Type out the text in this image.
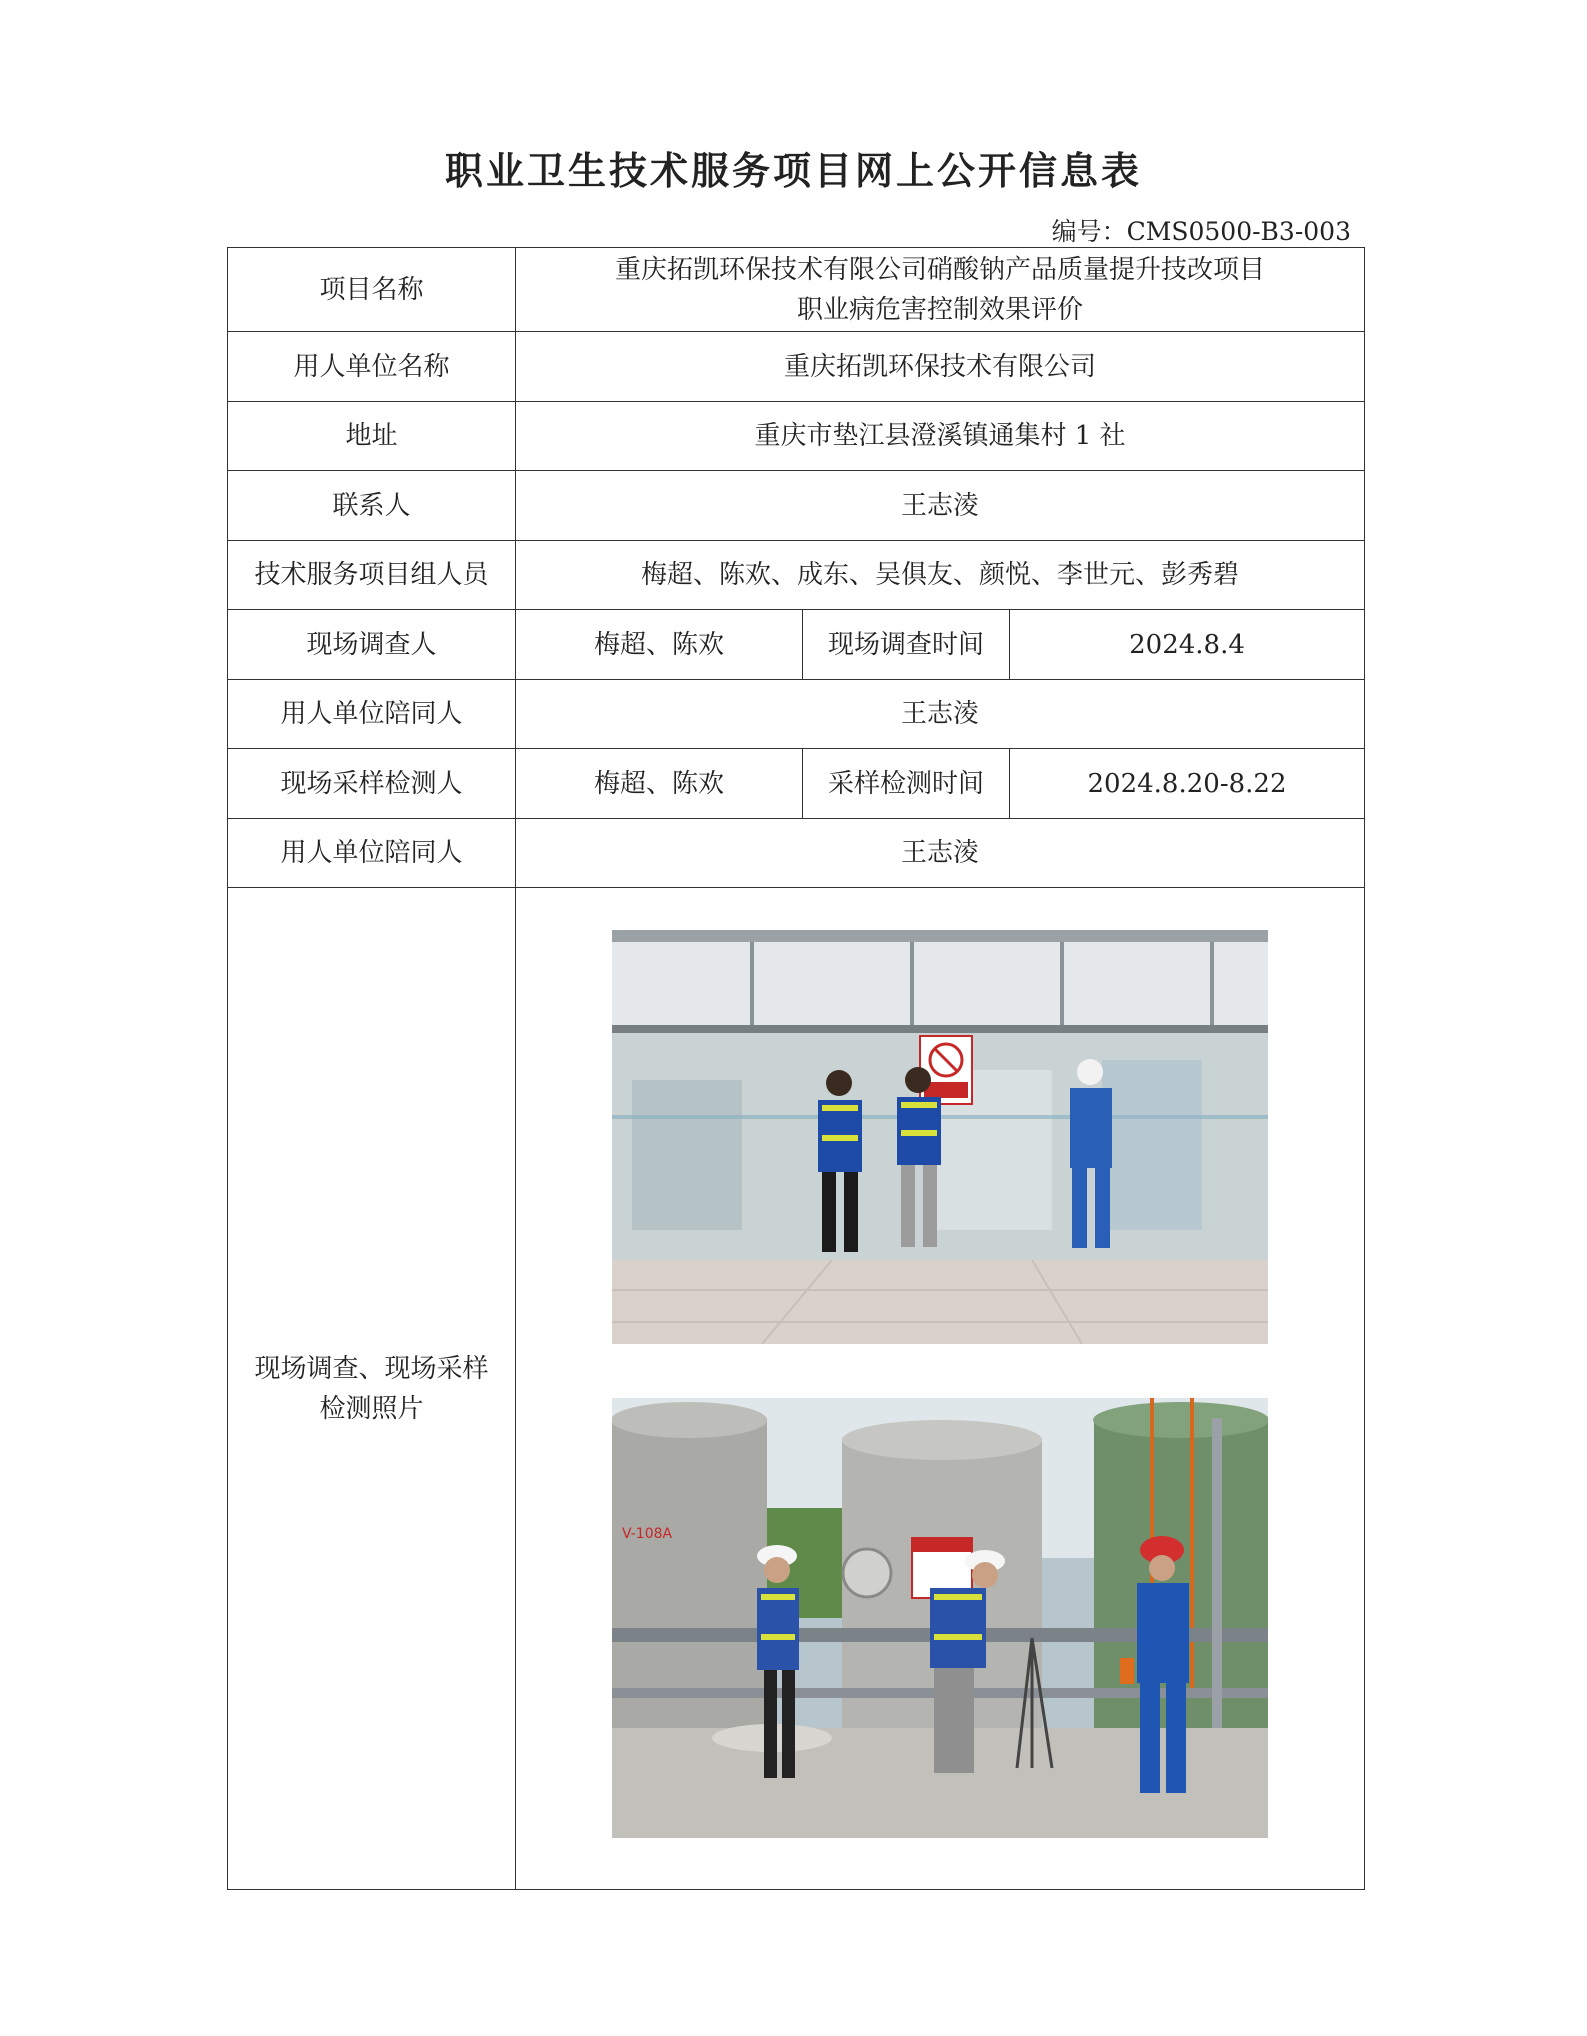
职业卫生技术服务项目网上公开信息表
编号：CMS0500-B3-003
项目名称	重庆拓凯环保技术有限公司硝酸钠产品质量提升技改项目
职业病危害控制效果评价		

用人单位名称	重庆拓凯环保技术有限公司		
地址	重庆市垫江县澄溪镇通集村 1 社		
联系人	王志淩		
技术服务项目组人员	梅超、陈欢、成东、吴俱友、颜悦、李世元、彭秀碧		
现场调查人	梅超、陈欢	现场调查时间	2024.8.4
用人单位陪同人	王志淩		
现场采样检测人	梅超、陈欢	采样检测时间	2024.8.20-8.22
用人单位陪同人	王志淩		

现场调查、现场采样
检测照片	V-108A		
